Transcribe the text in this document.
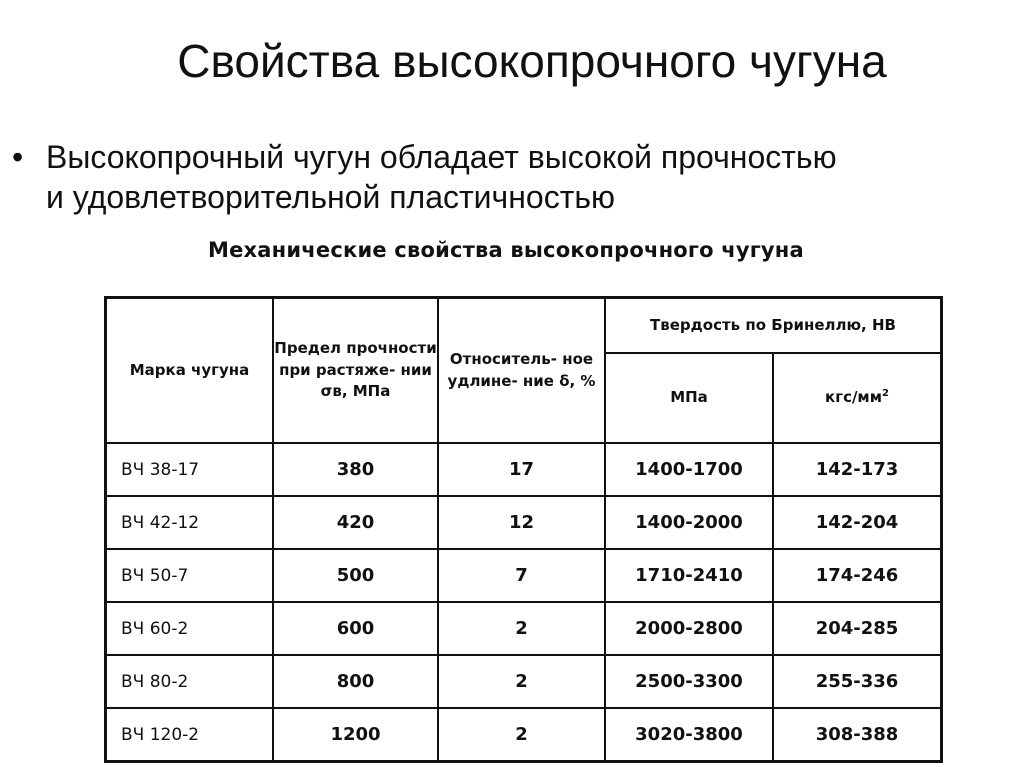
Свойства высокопрочного чугуна
• Высокопрочный чугун обладает высокой прочностью
и удовлетворительной пластичностью
Механические свойства высокопрочного чугуна
Марка чугуна	Предел прочности при растяже- нии σв, МПа	Относитель- ное удлине- ние δ, %	Твердость по Бринеллю, НВ	
			МПа	кгс/$мм^2$
ВЧ 38-17	380	17	1400-1700	142-173
ВЧ 42-12	420	12	1400-2000	142-204
ВЧ 50-7	500	7	1710-2410	174-246
ВЧ 60-2	600	2	2000-2800	204-285
ВЧ 80-2	800	2	2500-3300	255-336
ВЧ 120-2	1200	2	3020-3800	308-388
